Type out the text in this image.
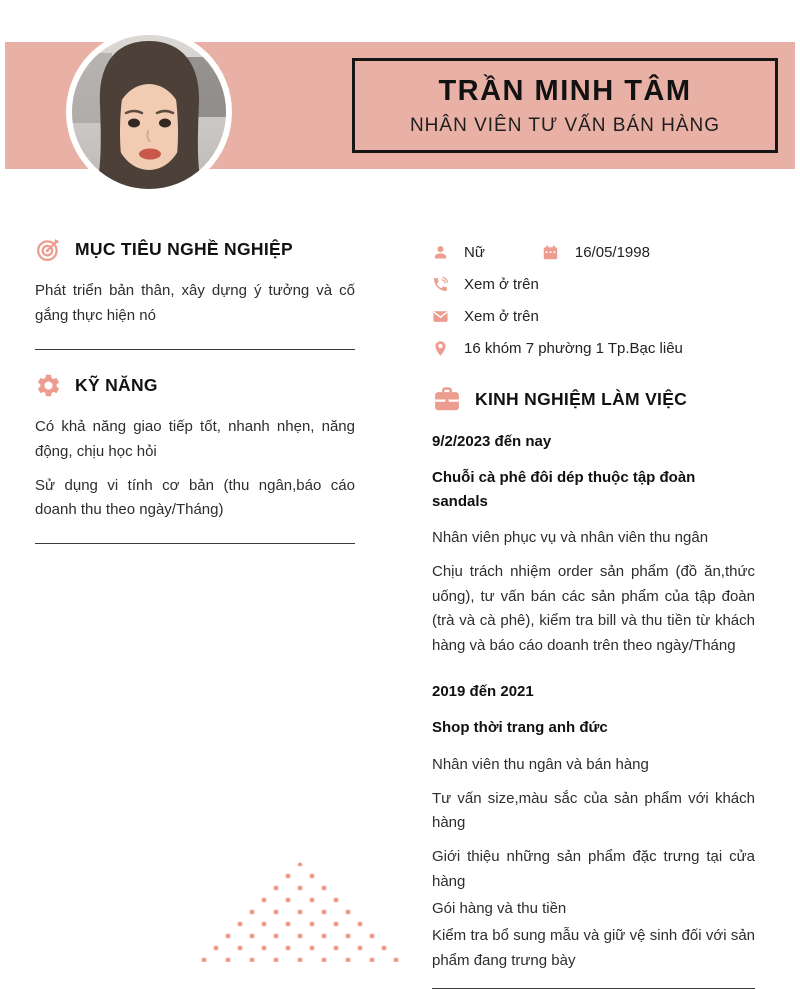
TRẦN MINH TÂM
NHÂN VIÊN TƯ VẤN BÁN HÀNG
MỤC TIÊU NGHỀ NGHIỆP

Phát triển bản thân, xây dựng ý tưởng và cố gắng thực hiện nó

KỸ NĂNG

Có khả năng giao tiếp tốt, nhanh nhẹn, năng động, chịu học hỏi

Sử dụng vi tính cơ bản (thu ngân,báo cáo doanh thu theo ngày/Tháng)

Nữ	16/05/1998
Xem ở trên
Xem ở trên
16 khóm 7 phường 1 Tp.Bạc liêu
KINH NGHIỆM LÀM VIỆC

9/2/2023 đến nay

Chuỗi cà phê đôi dép thuộc tập đoàn sandals

Nhân viên phục vụ và nhân viên thu ngân

Chịu trách nhiệm order sản phẩm (đồ ăn,thức uống), tư vấn bán các sản phẩm của tập đoàn (trà và cà phê), kiểm tra bill và thu tiền từ khách hàng và báo cáo doanh trên theo ngày/Tháng

2019 đến 2021

Shop thời trang anh đức

Nhân viên thu ngân và bán hàng

Tư vấn size,màu sắc của sản phẩm với khách hàng

Giới thiệu những sản phẩm đặc trưng tại cửa hàng

Gói hàng và thu tiền

Kiểm tra bổ sung mẫu và giữ vệ sinh đối với sản phẩm đang trưng bày
